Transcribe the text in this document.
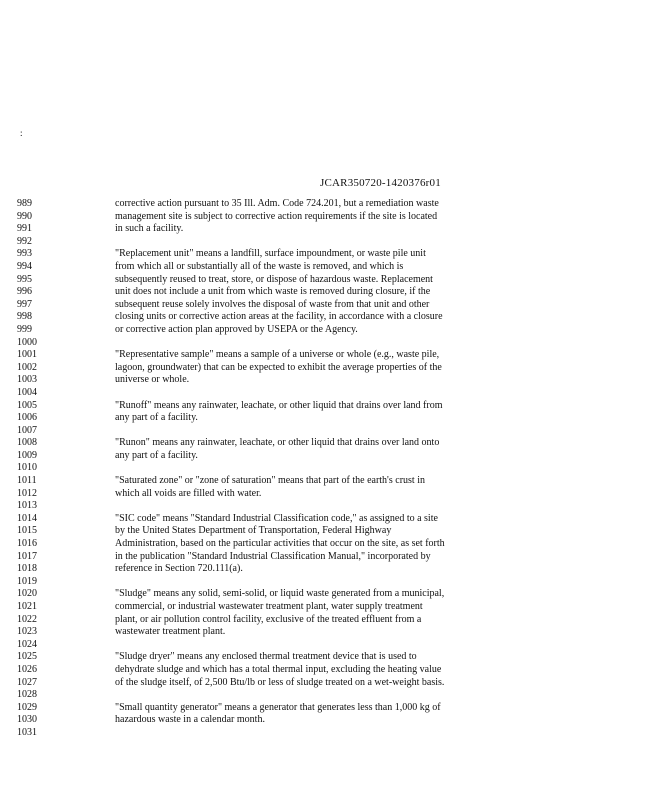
:
JCAR350720-1420376r01
989
990
991
992
993
994
995
996
997
998
999
1000
1001
1002
1003
1004
1005
1006
1007
1008
1009
1010
1011
1012
1013
1014
1015
1016
1017
1018
1019
1020
1021
1022
1023
1024
1025
1026
1027
1028
1029
1030
1031
corrective action pursuant to 35 Ill. Adm. Code 724.201, but a remediation waste
management site is subject to corrective action requirements if the site is located
in such a facility.
"Replacement unit" means a landfill, surface impoundment, or waste pile unit
from which all or substantially all of the waste is removed, and which is
subsequently reused to treat, store, or dispose of hazardous waste. Replacement
unit does not include a unit from which waste is removed during closure, if the
subsequent reuse solely involves the disposal of waste from that unit and other
closing units or corrective action areas at the facility, in accordance with a closure
or corrective action plan approved by USEPA or the Agency.
"Representative sample" means a sample of a universe or whole (e.g., waste pile,
lagoon, groundwater) that can be expected to exhibit the average properties of the
universe or whole.
"Runoff" means any rainwater, leachate, or other liquid that drains over land from
any part of a facility.
"Runon" means any rainwater, leachate, or other liquid that drains over land onto
any part of a facility.
"Saturated zone" or "zone of saturation" means that part of the earth's crust in
which all voids are filled with water.
"SIC code" means "Standard Industrial Classification code," as assigned to a site
by the United States Department of Transportation, Federal Highway
Administration, based on the particular activities that occur on the site, as set forth
in the publication "Standard Industrial Classification Manual," incorporated by
reference in Section 720.111(a).
"Sludge" means any solid, semi-solid, or liquid waste generated from a municipal,
commercial, or industrial wastewater treatment plant, water supply treatment
plant, or air pollution control facility, exclusive of the treated effluent from a
wastewater treatment plant.
"Sludge dryer" means any enclosed thermal treatment device that is used to
dehydrate sludge and which has a total thermal input, excluding the heating value
of the sludge itself, of 2,500 Btu/lb or less of sludge treated on a wet-weight basis.
"Small quantity generator" means a generator that generates less than 1,000 kg of
hazardous waste in a calendar month.
